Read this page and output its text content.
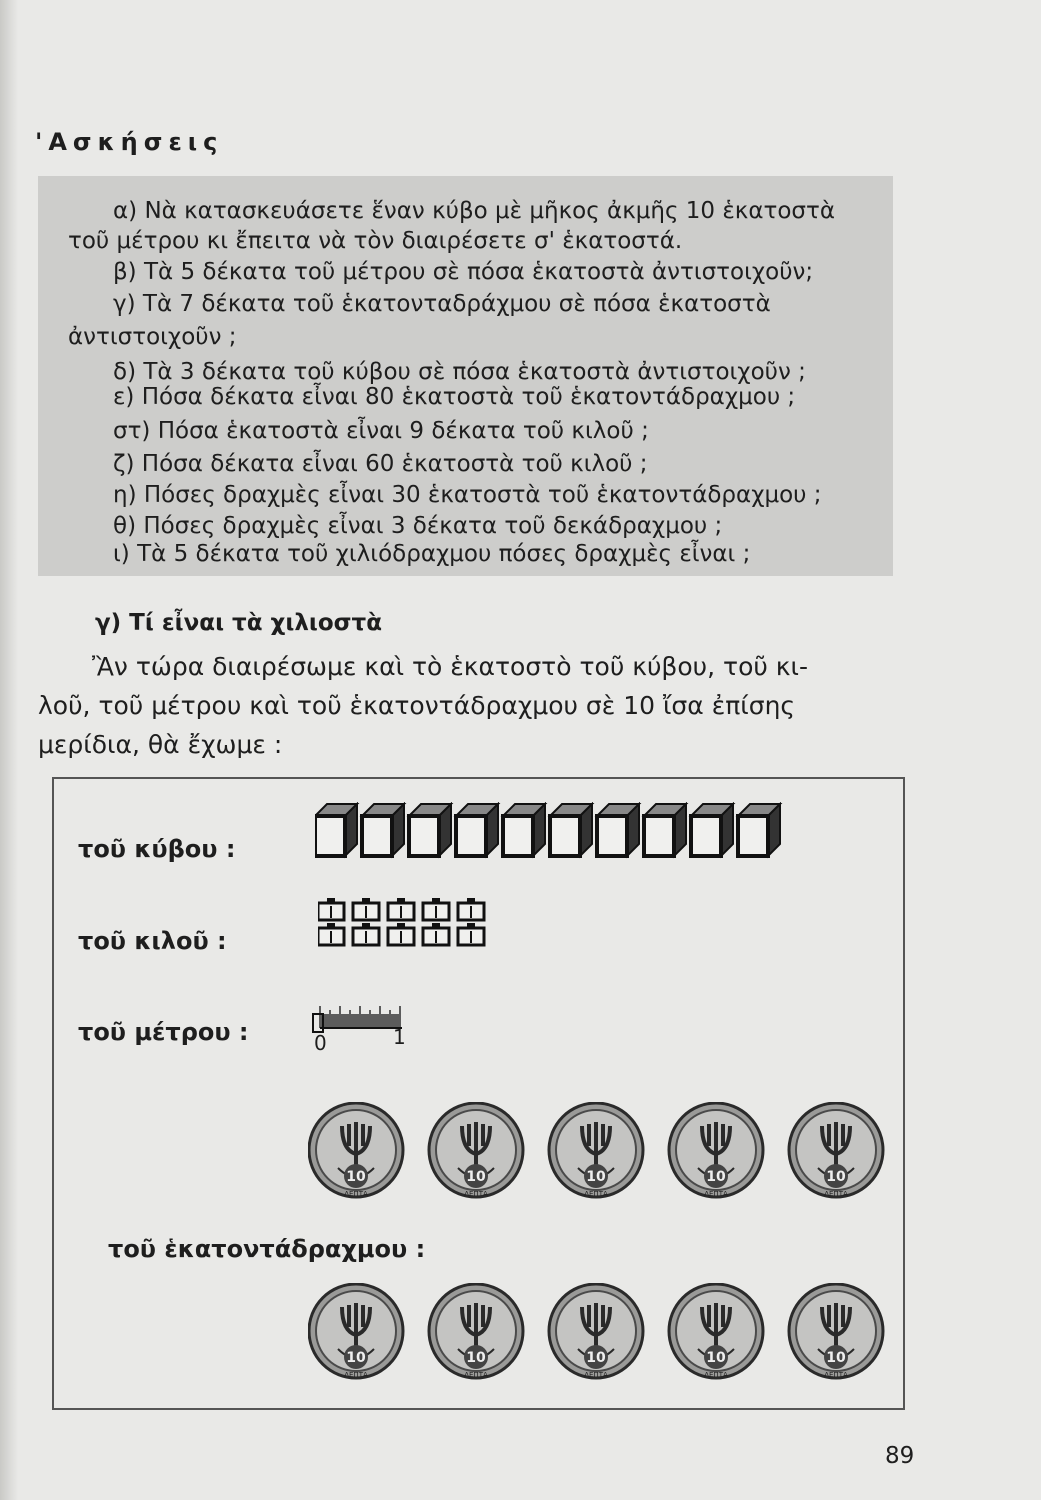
'Ασκήσεις
α) Νὰ κατασκευάσετε ἕναν κύβο μὲ μῆκος ἀκμῆς 10 ἑκατοστὰ
τοῦ μέτρου κι ἔπειτα νὰ τὸν διαιρέσετε σ' ἑκατοστά.
β) Τὰ 5 δέκατα τοῦ μέτρου σὲ πόσα ἑκατοστὰ ἀντιστοιχοῦν;
γ) Τὰ 7 δέκατα τοῦ ἑκατονταδράχμου σὲ πόσα ἑκατοστὰ
ἀντιστοιχοῦν ;
δ) Τὰ 3 δέκατα τοῦ κύβου σὲ πόσα ἑκατοστὰ ἀντιστοιχοῦν ;
ε) Πόσα δέκατα εἶναι 80 ἑκατοστὰ τοῦ ἑκατοντάδραχμου ;
στ) Πόσα ἑκατοστὰ εἶναι 9 δέκατα τοῦ κιλοῦ ;
ζ) Πόσα δέκατα εἶναι 60 ἑκατοστὰ τοῦ κιλοῦ ;
η) Πόσες δραχμὲς εἶναι 30 ἑκατοστὰ τοῦ ἑκατοντάδραχμου ;
θ) Πόσες δραχμὲς εἶναι 3 δέκατα τοῦ δεκάδραχμου ;
ι) Τὰ 5 δέκατα τοῦ χιλιόδραχμου πόσες δραχμὲς εἶναι ;
γ) Τί εἶναι τὰ χιλιοστὰ
Ἂν τώρα διαιρέσωμε καὶ τὸ ἑκατοστὸ τοῦ κύβου, τοῦ κι-
λοῦ, τοῦ μέτρου καὶ τοῦ ἑκατοντάδραχμου σὲ 10 ἴσα ἐπίσης
μερίδια, θὰ ἔχωμε :
τοῦ κύβου :
τοῦ κιλοῦ :
τοῦ μέτρου :
τοῦ ἑκατοντάδραχμου :
0	1
10
ΛΕΠΤΑ
10
ΛΕΠΤΑ
10
ΛΕΠΤΑ
10
ΛΕΠΤΑ
10
ΛΕΠΤΑ
10
ΛΕΠΤΑ
10
ΛΕΠΤΑ
10
ΛΕΠΤΑ
10
ΛΕΠΤΑ
10
ΛΕΠΤΑ
89
